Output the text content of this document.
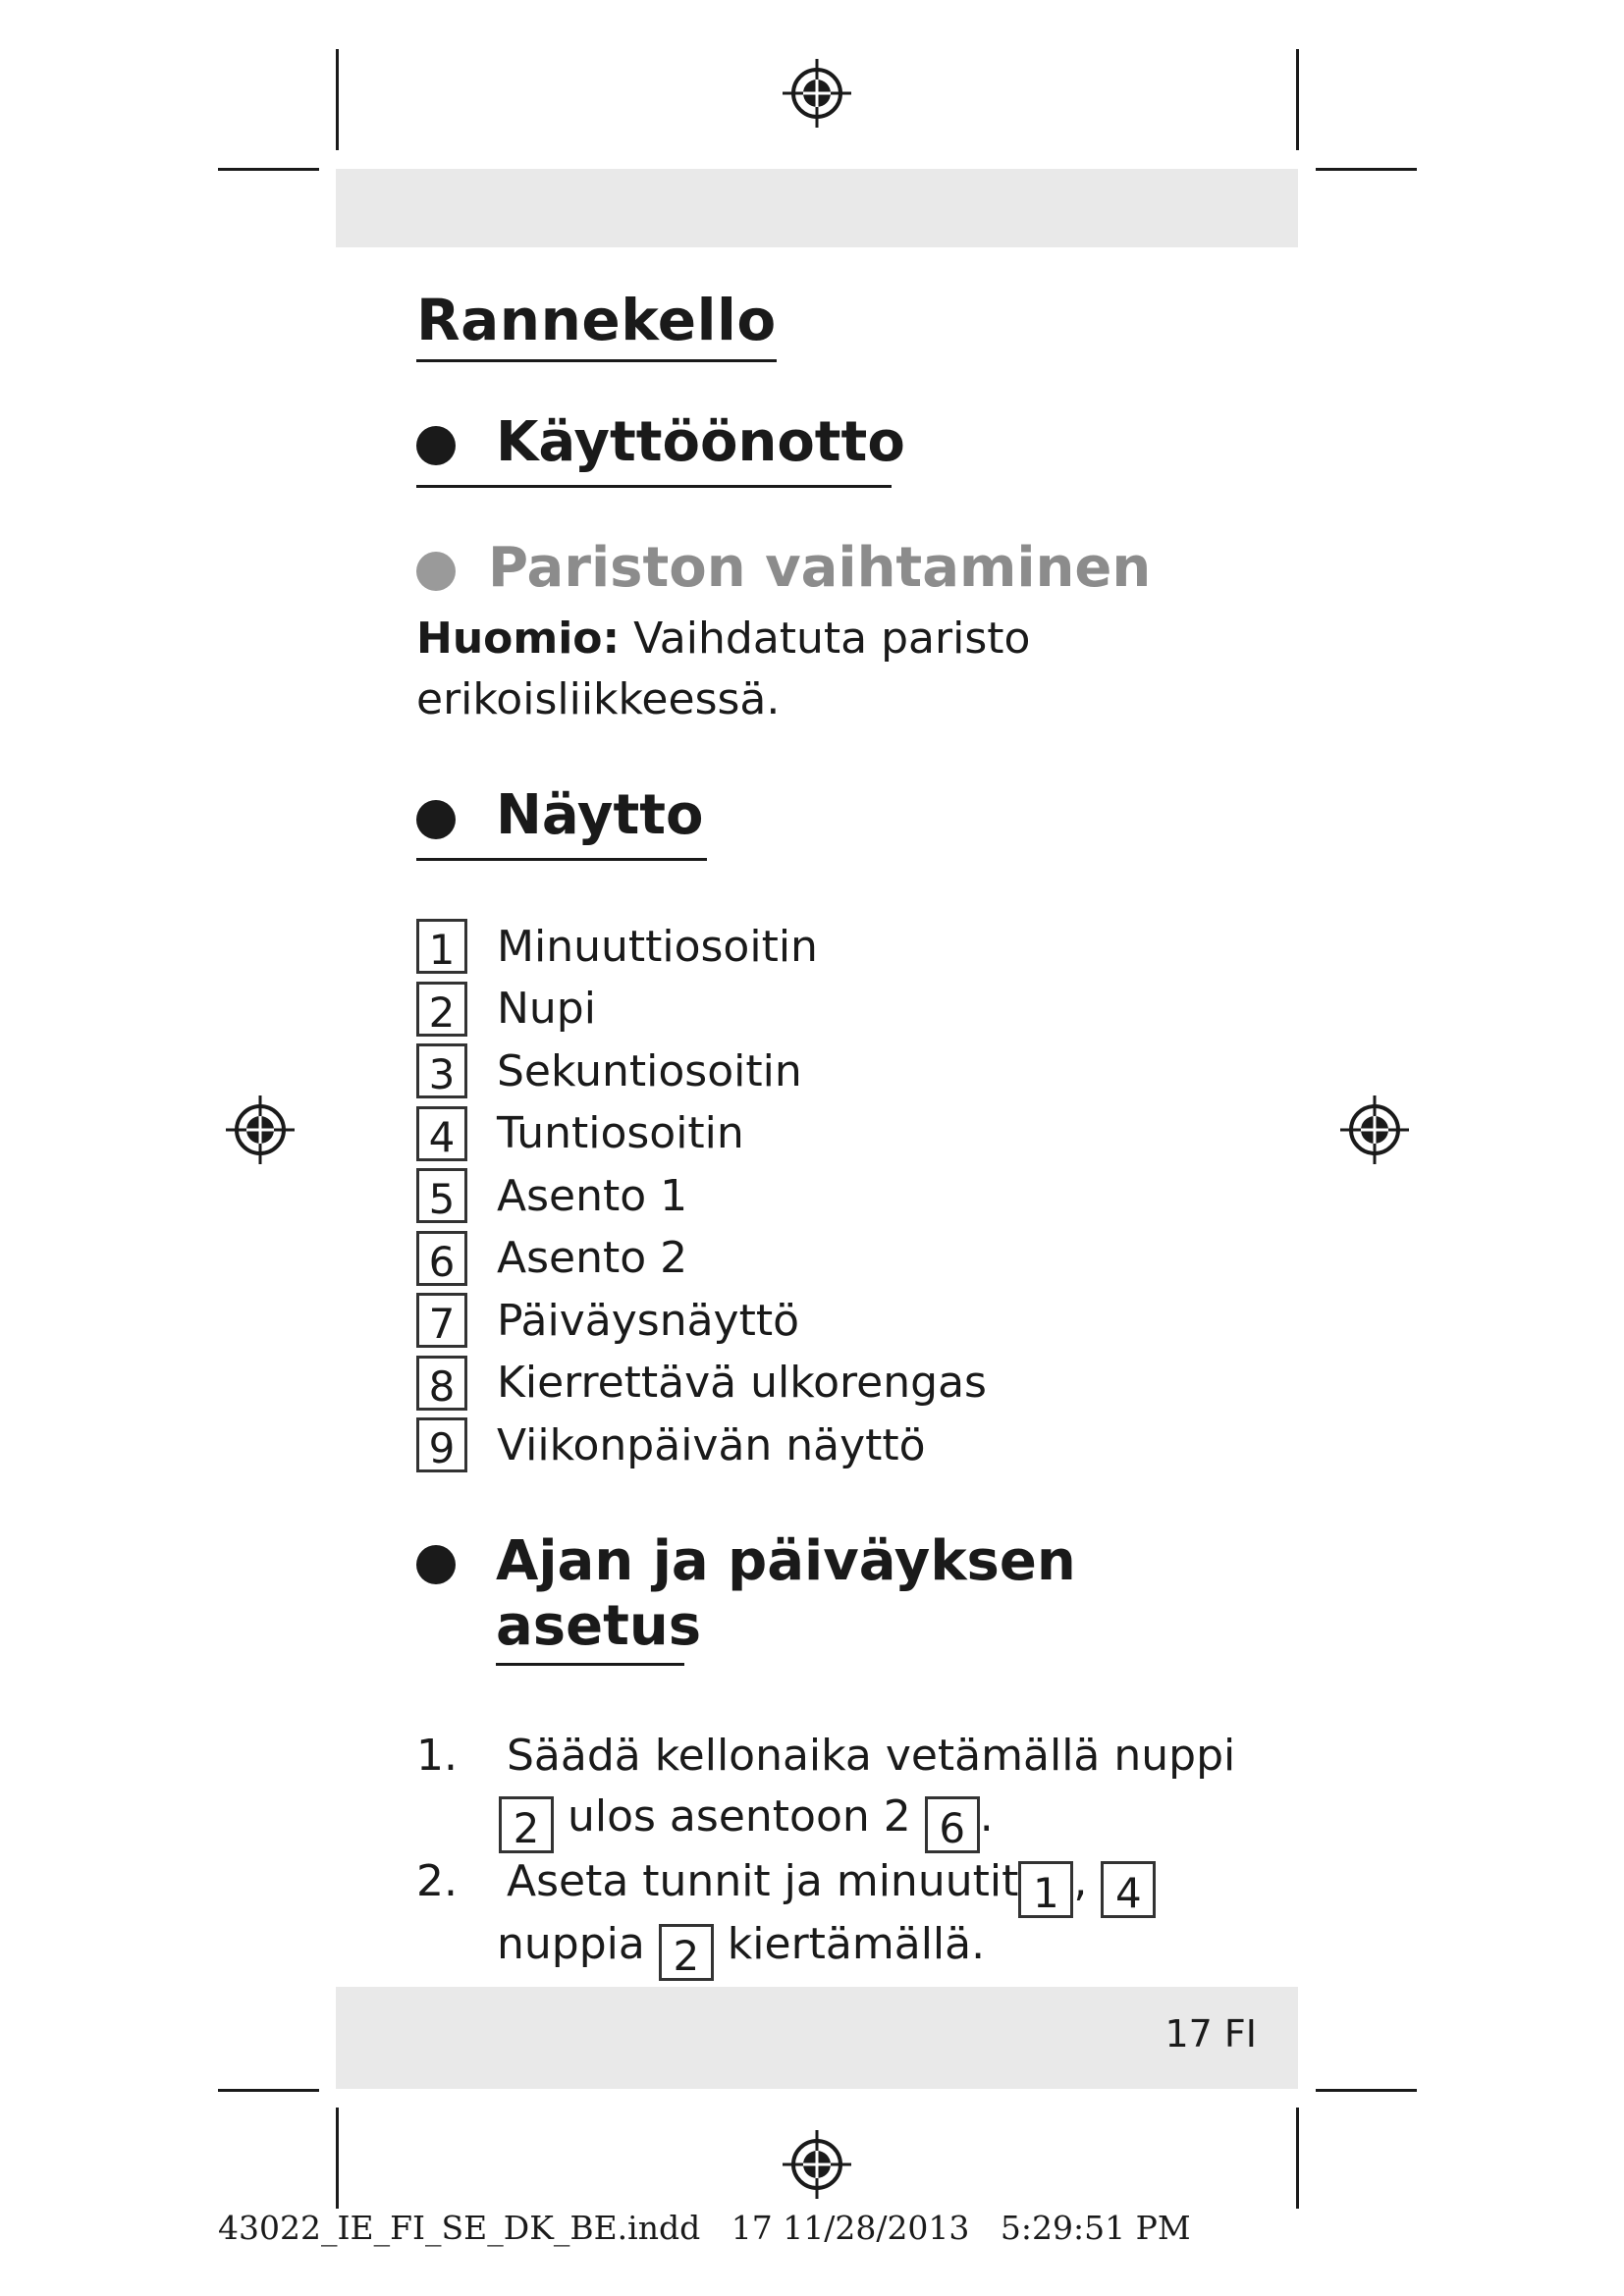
Rannekello
Käyttöönotto
Pariston vaihtaminen
Huomio: Vaihdatuta paristo
erikoisliikkeessä.
Näytto
1 Minuuttiosoitin
2 Nupi
3 Sekuntiosoitin
4 Tuntiosoitin
5 Asento 1
6 Asento 2
7 Päiväysnäyttö
8 Kierrettävä ulkorengas
9 Viikonpäivän näyttö
Ajan ja päiväyksen
asetus
1. Säädä kellonaika vetämällä nuppi
2 ulos asentoon 2 6 .
2. Aseta tunnit ja minuutit 1 , 4
nuppia 2 kiertämällä.
17 FI
43022_IE_FI_SE_DK_BE.indd 17 11/28/2013 5:29:51 PM
